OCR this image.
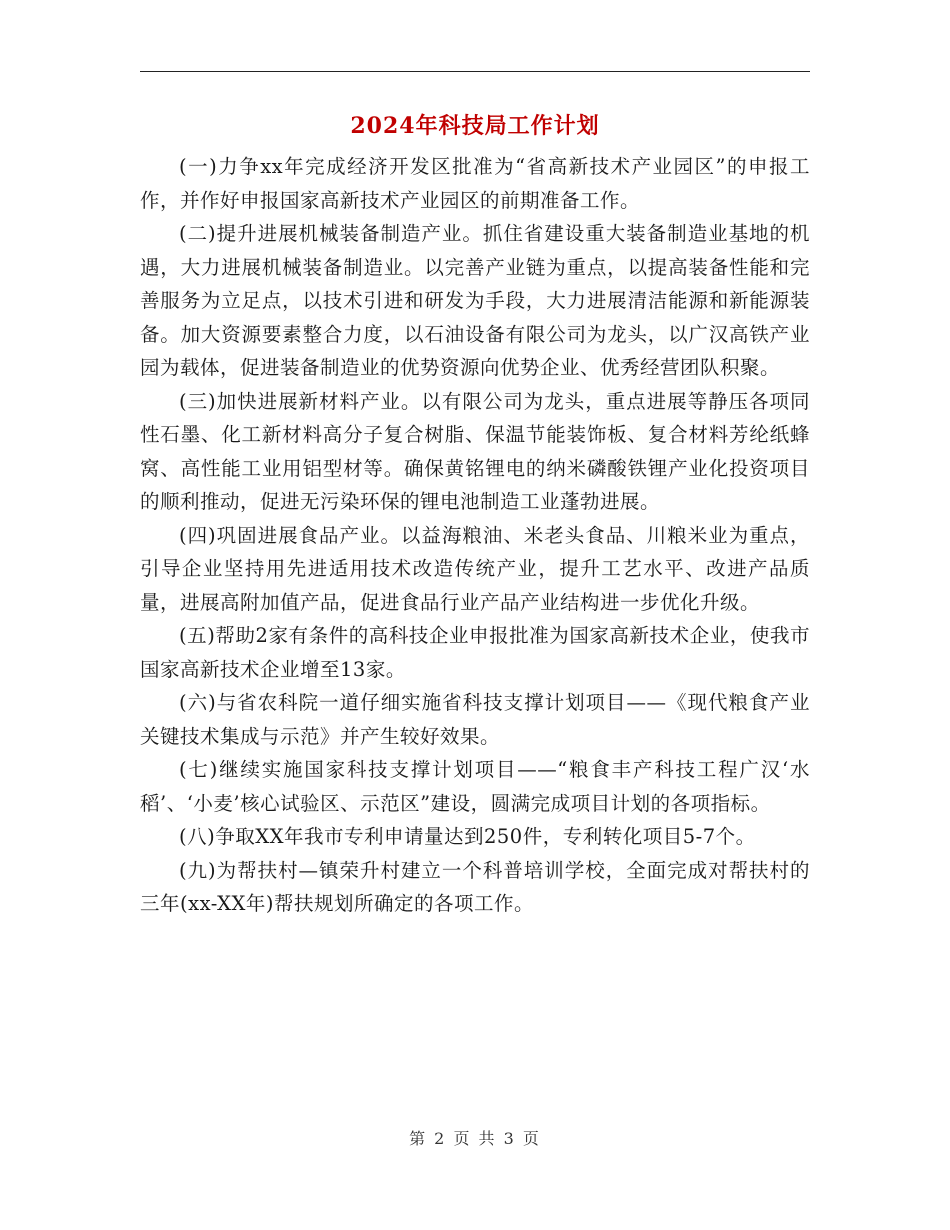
2024年科技局工作计划

(一)力争xx年完成经济开发区批准为“省高新技术产业园区”的申报工作，并作好申报国家高新技术产业园区的前期准备工作。

(二)提升进展机械装备制造产业。抓住省建设重大装备制造业基地的机遇，大力进展机械装备制造业。以完善产业链为重点，以提高装备性能和完善服务为立足点，以技术引进和研发为手段，大力进展清洁能源和新能源装备。加大资源要素整合力度，以石油设备有限公司为龙头，以广汉高铁产业园为载体，促进装备制造业的优势资源向优势企业、优秀经营团队积聚。

(三)加快进展新材料产业。以有限公司为龙头，重点进展等静压各项同性石墨、化工新材料高分子复合树脂、保温节能装饰板、复合材料芳纶纸蜂窝、高性能工业用铝型材等。确保黄铭锂电的纳米磷酸铁锂产业化投资项目的顺利推动，促进无污染环保的锂电池制造工业蓬勃进展。

(四)巩固进展食品产业。以益海粮油、米老头食品、川粮米业为重点，引导企业坚持用先进适用技术改造传统产业，提升工艺水平、改进产品质量，进展高附加值产品，促进食品行业产品产业结构进一步优化升级。

(五)帮助2家有条件的高科技企业申报批准为国家高新技术企业，使我市国家高新技术企业增至13家。

(六)与省农科院一道仔细实施省科技支撑计划项目——《现代粮食产业关键技术集成与示范》并产生较好效果。

(七)继续实施国家科技支撑计划项目——“粮食丰产科技工程广汉‘水稻’、‘小麦’核心试验区、示范区”建设，圆满完成项目计划的各项指标。

(八)争取XX年我市专利申请量达到250件，专利转化项目5-7个。

(九)为帮扶村—镇荣升村建立一个科普培训学校，全面完成对帮扶村的三年(xx-XX年)帮扶规划所确定的各项工作。

第 2 页 共 3 页
